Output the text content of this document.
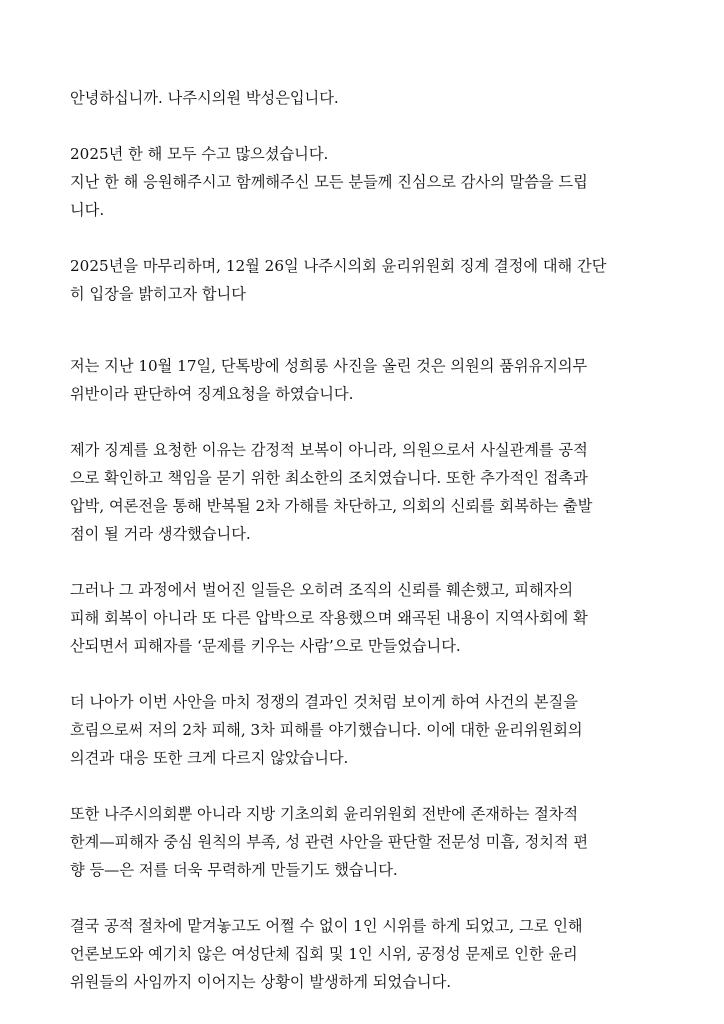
안녕하십니까. 나주시의원 박성은입니다.

2025년 한 해 모두 수고 많으셨습니다.
지난 한 해 응원해주시고 함께해주신 모든 분들께 진심으로 감사의 말씀을 드립
니다.

2025년을 마무리하며, 12월 26일 나주시의회 윤리위원회 징계 결정에 대해 간단
히 입장을 밝히고자 합니다

저는 지난 10월 17일, 단톡방에 성희롱 사진을 올린 것은 의원의 품위유지의무
위반이라 판단하여 징계요청을 하였습니다.

제가 징계를 요청한 이유는 감정적 보복이 아니라, 의원으로서 사실관계를 공적
으로 확인하고 책임을 묻기 위한 최소한의 조치였습니다. 또한 추가적인 접촉과
압박, 여론전을 통해 반복될 2차 가해를 차단하고, 의회의 신뢰를 회복하는 출발
점이 될 거라 생각했습니다.

그러나 그 과정에서 벌어진 일들은 오히려 조직의 신뢰를 훼손했고, 피해자의
피해 회복이 아니라 또 다른 압박으로 작용했으며 왜곡된 내용이 지역사회에 확
산되면서 피해자를 ‘문제를 키우는 사람’으로 만들었습니다.

더 나아가 이번 사안을 마치 정쟁의 결과인 것처럼 보이게 하여 사건의 본질을
흐림으로써 저의 2차 피해, 3차 피해를 야기했습니다. 이에 대한 윤리위원회의
의견과 대응 또한 크게 다르지 않았습니다.

또한 나주시의회뿐 아니라 지방 기초의회 윤리위원회 전반에 존재하는 절차적
한계—피해자 중심 원칙의 부족, 성 관련 사안을 판단할 전문성 미흡, 정치적 편
향 등—은 저를 더욱 무력하게 만들기도 했습니다.

결국 공적 절차에 맡겨놓고도 어쩔 수 없이 1인 시위를 하게 되었고, 그로 인해
언론보도와 예기치 않은 여성단체 집회 및 1인 시위, 공정성 문제로 인한 윤리
위원들의 사임까지 이어지는 상황이 발생하게 되었습니다.
